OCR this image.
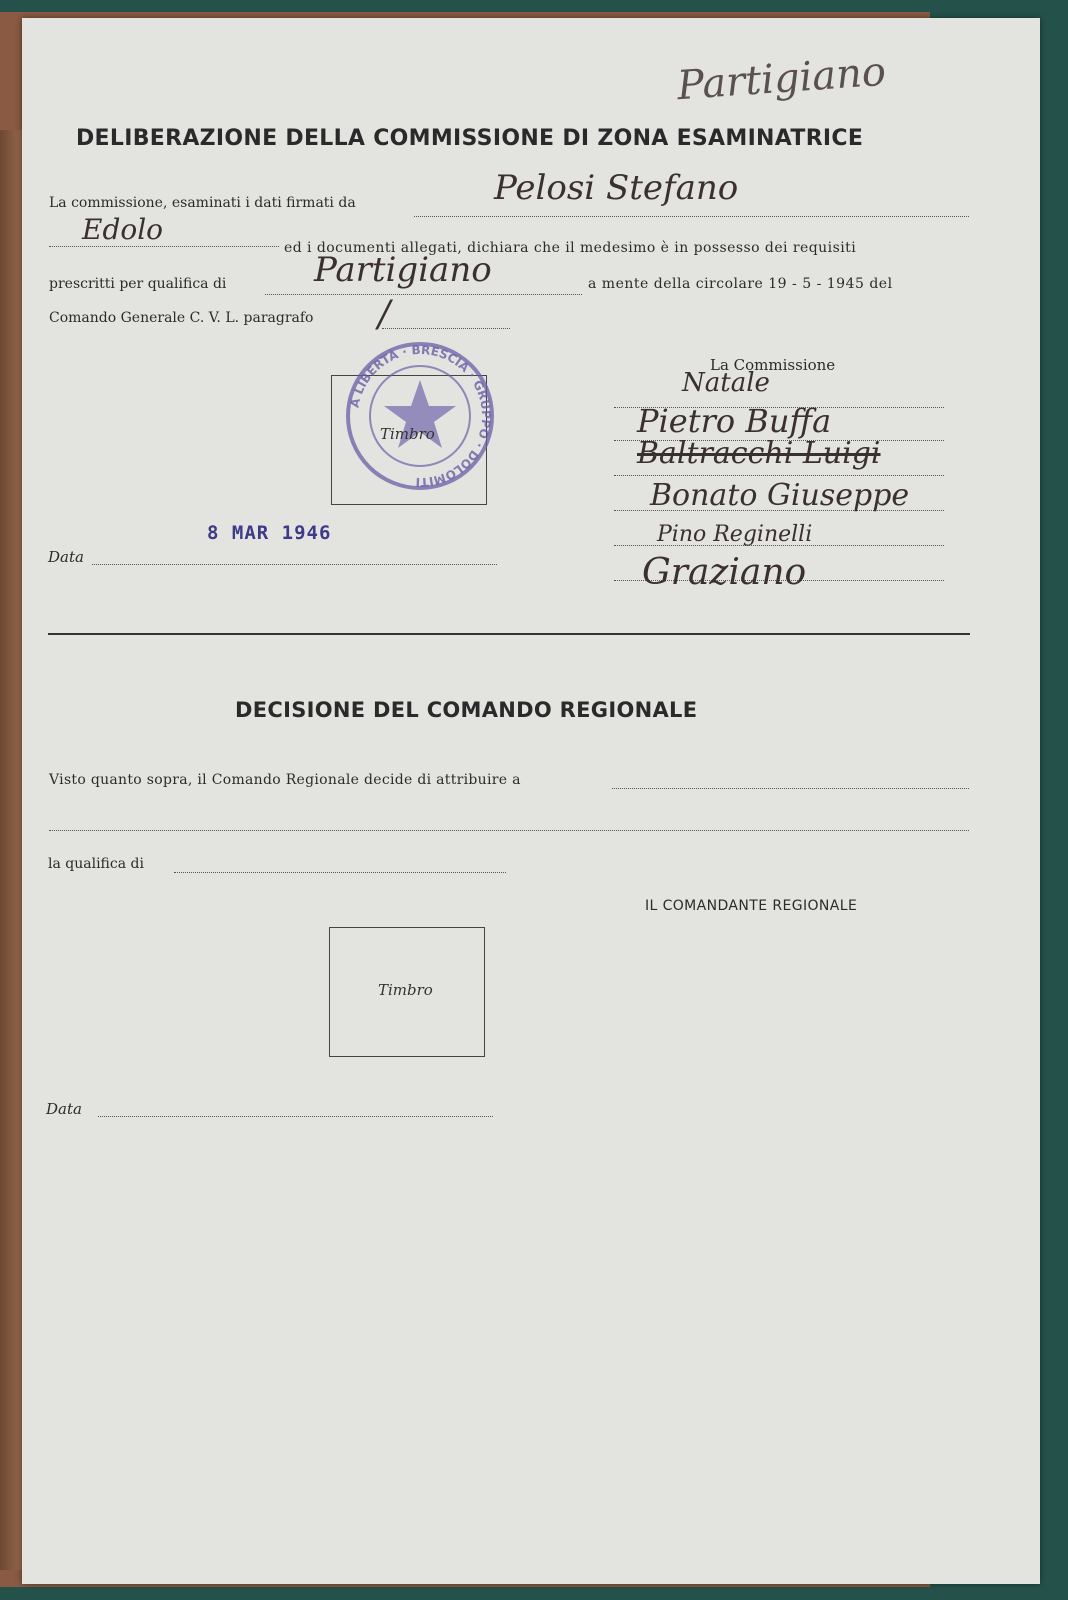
Partigiano
DELIBERAZIONE DELLA COMMISSIONE DI ZONA ESAMINATRICE
La commissione, esaminati i dati firmati da	Pelosi Stefano
Edolo
ed i documenti allegati, dichiara che il medesimo è in possesso dei requisiti
prescritti per qualifica di	Partigiano	a mente della circolare 19 - 5 - 1945 del
Comando Generale C. V. L. paragrafo /
A LIBERTÀ · BRESCIA · GRUPPO · DOLOMITI
Timbro
Data
8 MAR 1946
La Commissione
Natale
Pietro Buffa
Baltracchi Luigi
Bonato Giuseppe
Pino Reginelli
Graziano
DECISIONE DEL COMANDO REGIONALE
Visto quanto sopra, il Comando Regionale decide di attribuire a
la qualifica di
IL COMANDANTE REGIONALE
Timbro
Data
